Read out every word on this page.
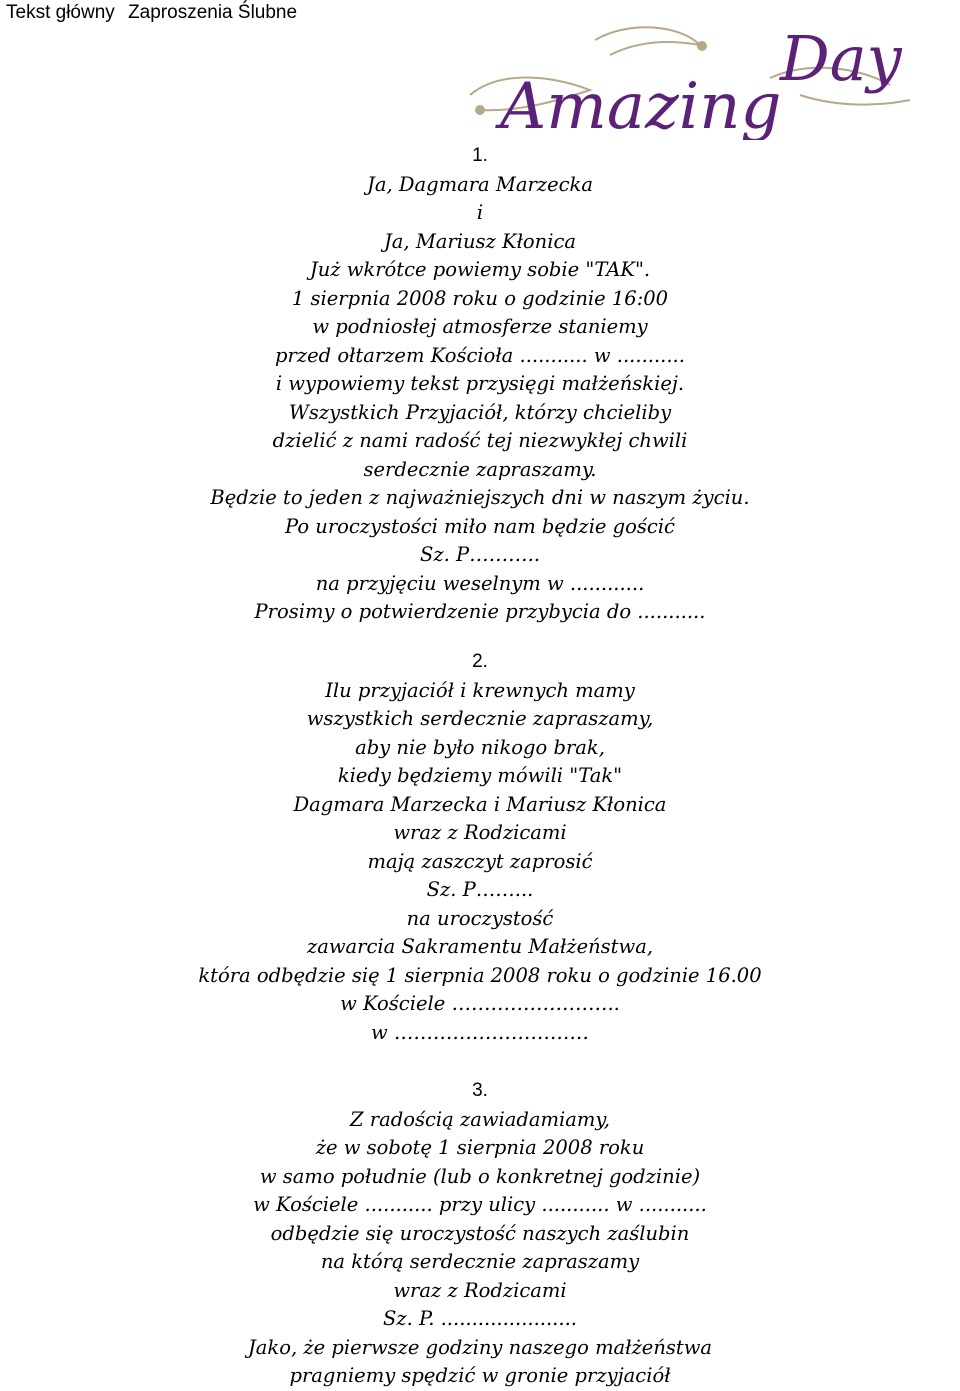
Tekst główny Zaproszenia Ślubne
Amazing
Day
1.
Ja, Dagmara Marzecka
i
Ja, Mariusz Kłonica
Już wkrótce powiemy sobie "TAK".
1 sierpnia 2008 roku o godzinie 16:00
w podniosłej atmosferze staniemy
przed ołtarzem Kościoła ........... w ...........
i wypowiemy tekst przysięgi małżeńskiej.
Wszystkich Przyjaciół, którzy chcieliby
dzielić z nami radość tej niezwykłej chwili
serdecznie zapraszamy.
Będzie to jeden z najważniejszych dni w naszym życiu.
Po uroczystości miło nam będzie gościć
Sz. P………..
na przyjęciu weselnym w ............
Prosimy o potwierdzenie przybycia do ...........
2.
Ilu przyjaciół i krewnych mamy
wszystkich serdecznie zapraszamy,
aby nie było nikogo brak,
kiedy będziemy mówili "Tak"
Dagmara Marzecka i Mariusz Kłonica
wraz z Rodzicami
mają zaszczyt zaprosić
Sz. P……...
na uroczystość
zawarcia Sakramentu Małżeństwa,
która odbędzie się 1 sierpnia 2008 roku o godzinie 16.00
w Kościele ……………………..
w …………………………
3.
Z radością zawiadamiamy,
że w sobotę 1 sierpnia 2008 roku
w samo południe (lub o konkretnej godzinie)
w Kościele ........... przy ulicy ........... w ...........
odbędzie się uroczystość naszych zaślubin
na którą serdecznie zapraszamy
wraz z Rodzicami
Sz. P. ......................
Jako, że pierwsze godziny naszego małżeństwa
pragniemy spędzić w gronie przyjaciół
